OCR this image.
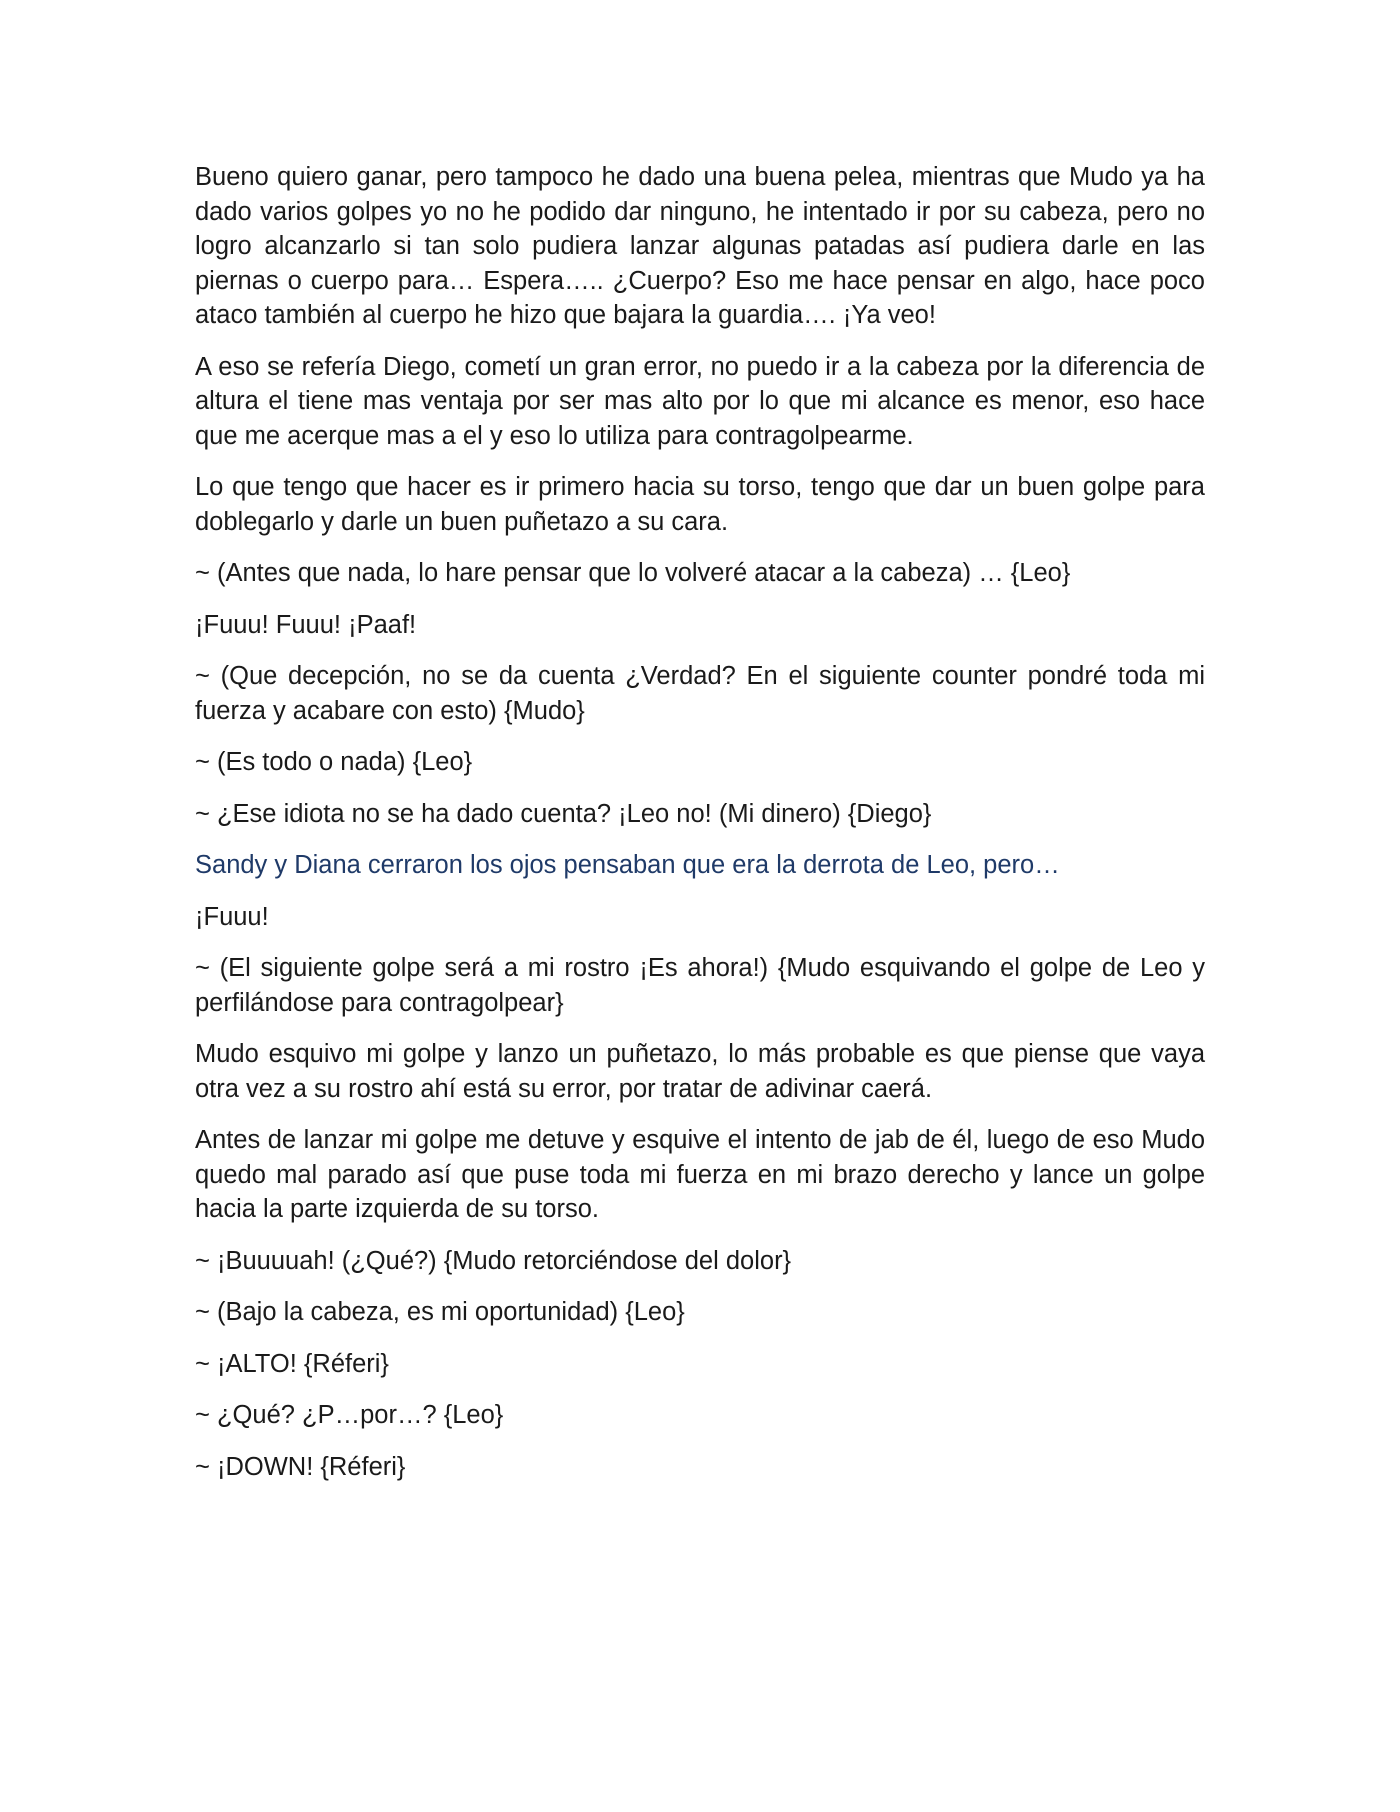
Bueno quiero ganar, pero tampoco he dado una buena pelea, mientras que Mudo ya ha dado varios golpes yo no he podido dar ninguno, he intentado ir por su cabeza, pero no logro alcanzarlo si tan solo pudiera lanzar algunas patadas así pudiera darle en las piernas o cuerpo para… Espera….. ¿Cuerpo? Eso me hace pensar en algo, hace poco ataco también al cuerpo he hizo que bajara la guardia…. ¡Ya veo!

A eso se refería Diego, cometí un gran error, no puedo ir a la cabeza por la diferencia de altura el tiene mas ventaja por ser mas alto por lo que mi alcance es menor, eso hace que me acerque mas a el y eso lo utiliza para contragolpearme.

Lo que tengo que hacer es ir primero hacia su torso, tengo que dar un buen golpe para doblegarlo y darle un buen puñetazo a su cara.

~ (Antes que nada, lo hare pensar que lo volveré atacar a la cabeza) … {Leo}

¡Fuuu! Fuuu! ¡Paaf!

~ (Que decepción, no se da cuenta ¿Verdad? En el siguiente counter pondré toda mi fuerza y acabare con esto) {Mudo}

~ (Es todo o nada) {Leo}

~ ¿Ese idiota no se ha dado cuenta? ¡Leo no! (Mi dinero) {Diego}

Sandy y Diana cerraron los ojos pensaban que era la derrota de Leo, pero…

¡Fuuu!

~ (El siguiente golpe será a mi rostro ¡Es ahora!) {Mudo esquivando el golpe de Leo y perfilándose para contragolpear}

Mudo esquivo mi golpe y lanzo un puñetazo, lo más probable es que piense que vaya otra vez a su rostro ahí está su error, por tratar de adivinar caerá.

Antes de lanzar mi golpe me detuve y esquive el intento de jab de él, luego de eso Mudo quedo mal parado así que puse toda mi fuerza en mi brazo derecho y lance un golpe hacia la parte izquierda de su torso.

~ ¡Buuuuah! (¿Qué?) {Mudo retorciéndose del dolor}

~ (Bajo la cabeza, es mi oportunidad) {Leo}

~ ¡ALTO! {Réferi}

~ ¿Qué? ¿P…por…? {Leo}

~ ¡DOWN! {Réferi}
